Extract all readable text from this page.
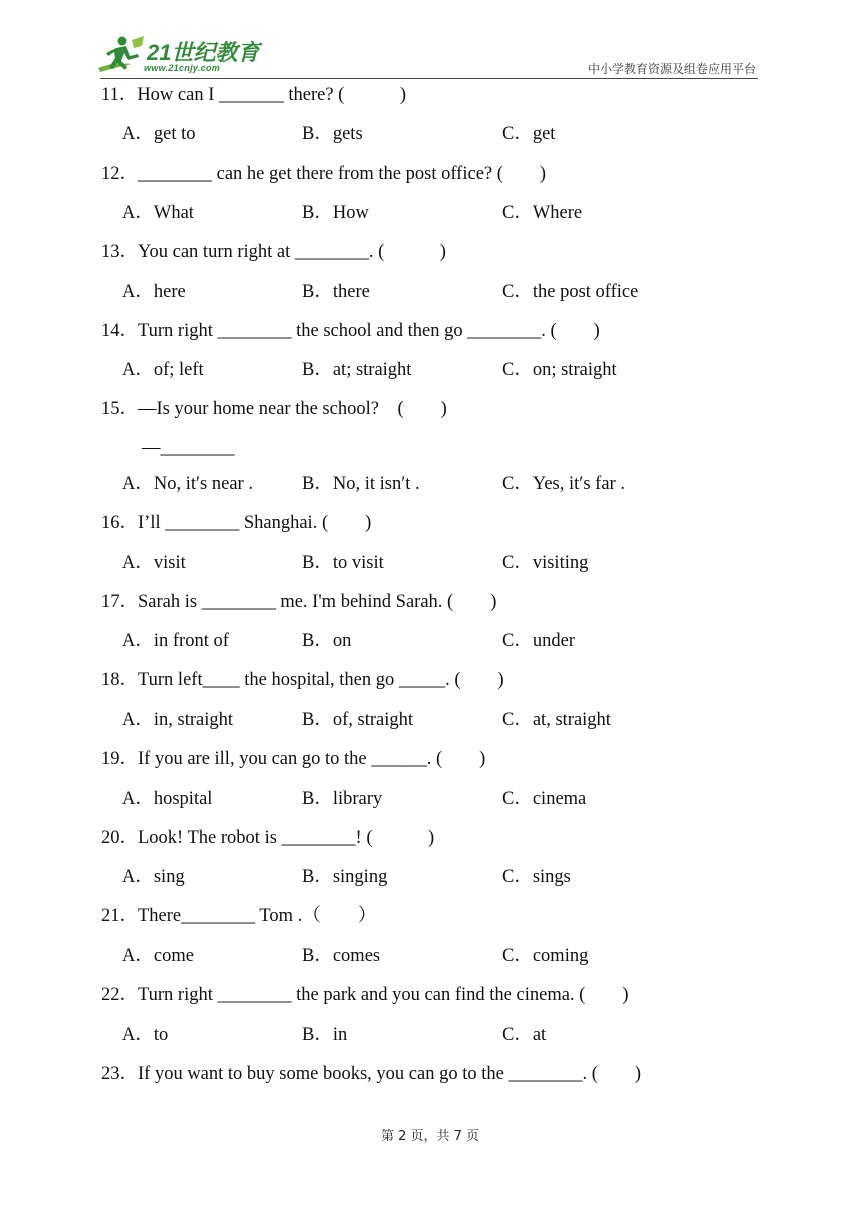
21世纪教育
www.21cnjy.com	中小学教育资源及组卷应用平台
11．How can I _______ there? (　　　)
A．get to	B．gets	C．get
12．________ can he get there from the post office? (　　)
A．What	B．How	C．Where
13．You can turn right at ________. (　　　)
A．here	B．there	C．the post office
14．Turn right ________ the school and then go ________. (　　)
A．of; left	B．at; straight	C．on; straight
15．—Is your home near the school?　(　　)
—________
A．No, it′s near .	B．No, it isn′t .	C．Yes, it′s far .
16．I’ll ________ Shanghai. (　　)
A．visit	B．to visit	C．visiting
17．Sarah is ________ me. I'm behind Sarah. (　　)
A．in front of	B．on	C．under
18．Turn left____ the hospital, then go _____. (　　)
A．in, straight	B．of, straight	C．at, straight
19．If you are ill, you can go to the ______. (　　)
A．hospital	B．library	C．cinema
20．Look! The robot is ________! (　　　)
A．sing	B．singing	C．sings
21．There________ Tom .（　　）
A．come	B．comes	C．coming
22．Turn right ________ the park and you can find the cinema. (　　)
A．to	B．in	C．at
23．If you want to buy some books, you can go to the ________. (　　)
第 2 页，共 7 页
